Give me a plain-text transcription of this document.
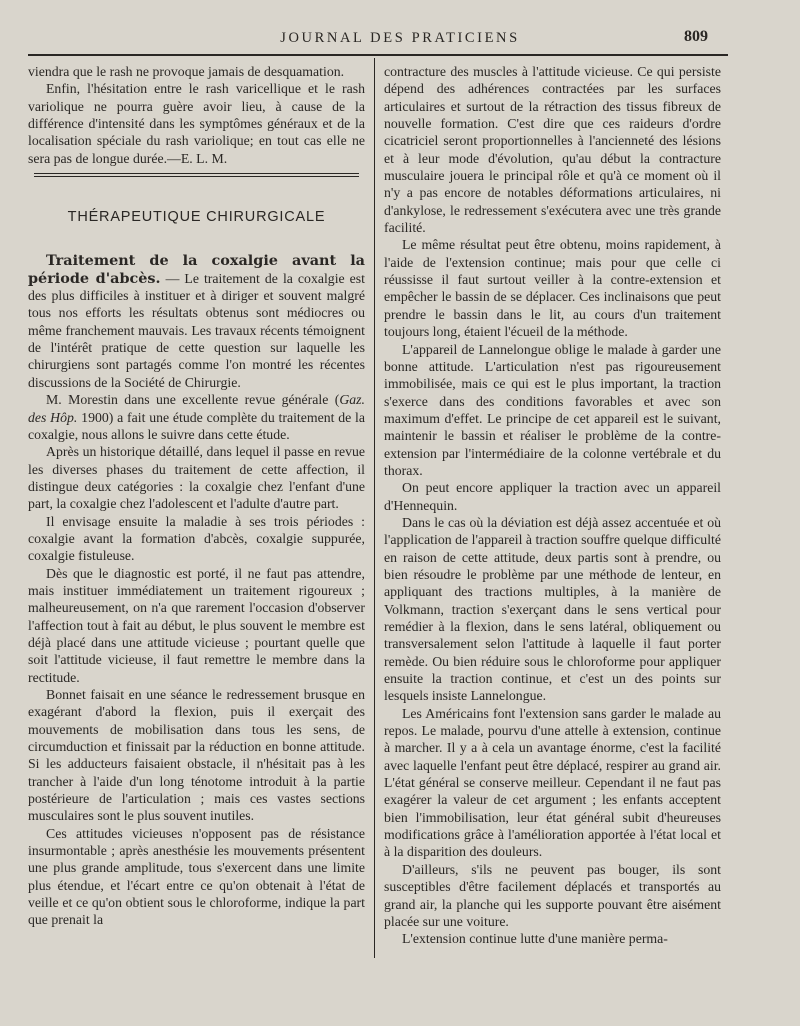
JOURNAL DES PRATICIENS	809

viendra que le rash ne provoque jamais de desquamation.

Enfin, l'hésitation entre le rash varicellique et le rash variolique ne pourra guère avoir lieu, à cause de la différence d'intensité dans les symptômes généraux et de la localisation spéciale du rash variolique; en tout cas elle ne sera pas de longue durée.—E. L. M.

THÉRAPEUTIQUE CHIRURGICALE

Traitement de la coxalgie avant la période d'abcès. — Le traitement de la coxalgie est des plus difficiles à instituer et à diriger et souvent malgré tous nos efforts les résultats obtenus sont médiocres ou même franchement mauvais. Les travaux récents témoignent de l'intérêt pratique de cette question sur laquelle les chirurgiens sont partagés comme l'on montré les récentes discussions de la Société de Chirurgie.

M. Morestin dans une excellente revue générale (Gaz. des Hôp. 1900) a fait une étude complète du traitement de la coxalgie, nous allons le suivre dans cette étude.

Après un historique détaillé, dans lequel il passe en revue les diverses phases du traitement de cette affection, il distingue deux catégories : la coxalgie chez l'enfant d'une part, la coxalgie chez l'adolescent et l'adulte d'autre part.

Il envisage ensuite la maladie à ses trois périodes : coxalgie avant la formation d'abcès, coxalgie suppurée, coxalgie fistuleuse.

Dès que le diagnostic est porté, il ne faut pas attendre, mais instituer immédiatement un traitement rigoureux ; malheureusement, on n'a que rarement l'occasion d'observer l'affection tout à fait au début, le plus souvent le membre est déjà placé dans une attitude vicieuse ; pourtant quelle que soit l'attitude vicieuse, il faut remettre le membre dans la rectitude.

Bonnet faisait en une séance le redressement brusque en exagérant d'abord la flexion, puis il exerçait des mouvements de mobilisation dans tous les sens, de circumduction et finissait par la réduction en bonne attitude. Si les adducteurs faisaient obstacle, il n'hésitait pas à les trancher à l'aide d'un long ténotome introduit à la partie postérieure de l'articulation ; mais ces vastes sections musculaires sont le plus souvent inutiles.

Ces attitudes vicieuses n'opposent pas de résistance insurmontable ; après anesthésie les mouvements présentent une plus grande amplitude, tous s'exercent dans une limite plus étendue, et l'écart entre ce qu'on obtenait à l'état de veille et ce qu'on obtient sous le chloroforme, indique la part que prenait la

contracture des muscles à l'attitude vicieuse. Ce qui persiste dépend des adhérences contractées par les surfaces articulaires et surtout de la rétraction des tissus fibreux de nouvelle formation. C'est dire que ces raideurs d'ordre cicatriciel seront proportionnelles à l'ancienneté des lésions et à leur mode d'évolution, qu'au début la contracture musculaire jouera le principal rôle et qu'à ce moment où il n'y a pas encore de notables déformations articulaires, ni d'ankylose, le redressement s'exécutera avec une très grande facilité.

Le même résultat peut être obtenu, moins rapidement, à l'aide de l'extension continue; mais pour que celle ci réussisse il faut surtout veiller à la contre-extension et empêcher le bassin de se déplacer. Ces inclinaisons que peut prendre le bassin dans le lit, au cours d'un traitement toujours long, étaient l'écueil de la méthode.

L'appareil de Lannelongue oblige le malade à garder une bonne attitude. L'articulation n'est pas rigoureusement immobilisée, mais ce qui est le plus important, la traction s'exerce dans des conditions favorables et avec son maximum d'effet. Le principe de cet appareil est le suivant, maintenir le bassin et réaliser le problème de la contre-extension par l'intermédiaire de la colonne vertébrale et du thorax.

On peut encore appliquer la traction avec un appareil d'Hennequin.

Dans le cas où la déviation est déjà assez accentuée et où l'application de l'appareil à traction souffre quelque difficulté en raison de cette attitude, deux partis sont à prendre, ou bien résoudre le problème par une méthode de lenteur, en appliquant des tractions multiples, à la manière de Volkmann, traction s'exerçant dans le sens vertical pour remédier à la flexion, dans le sens latéral, obliquement ou transversalement selon l'attitude à laquelle il faut porter remède. Ou bien réduire sous le chloroforme pour appliquer ensuite la traction continue, et c'est un des points sur lesquels insiste Lannelongue.

Les Américains font l'extension sans garder le malade au repos. Le malade, pourvu d'une attelle à extension, continue à marcher. Il y a à cela un avantage énorme, c'est la facilité avec laquelle l'enfant peut être déplacé, respirer au grand air. L'état général se conserve meilleur. Cependant il ne faut pas exagérer la valeur de cet argument ; les enfants acceptent bien l'immobilisation, leur état général subit d'heureuses modifications grâce à l'amélioration apportée à l'état local et à la disparition des douleurs.

D'ailleurs, s'ils ne peuvent pas bouger, ils sont susceptibles d'être facilement déplacés et transportés au grand air, la planche qui les supporte pouvant être aisément placée sur une voiture.

L'extension continue lutte d'une manière perma-
